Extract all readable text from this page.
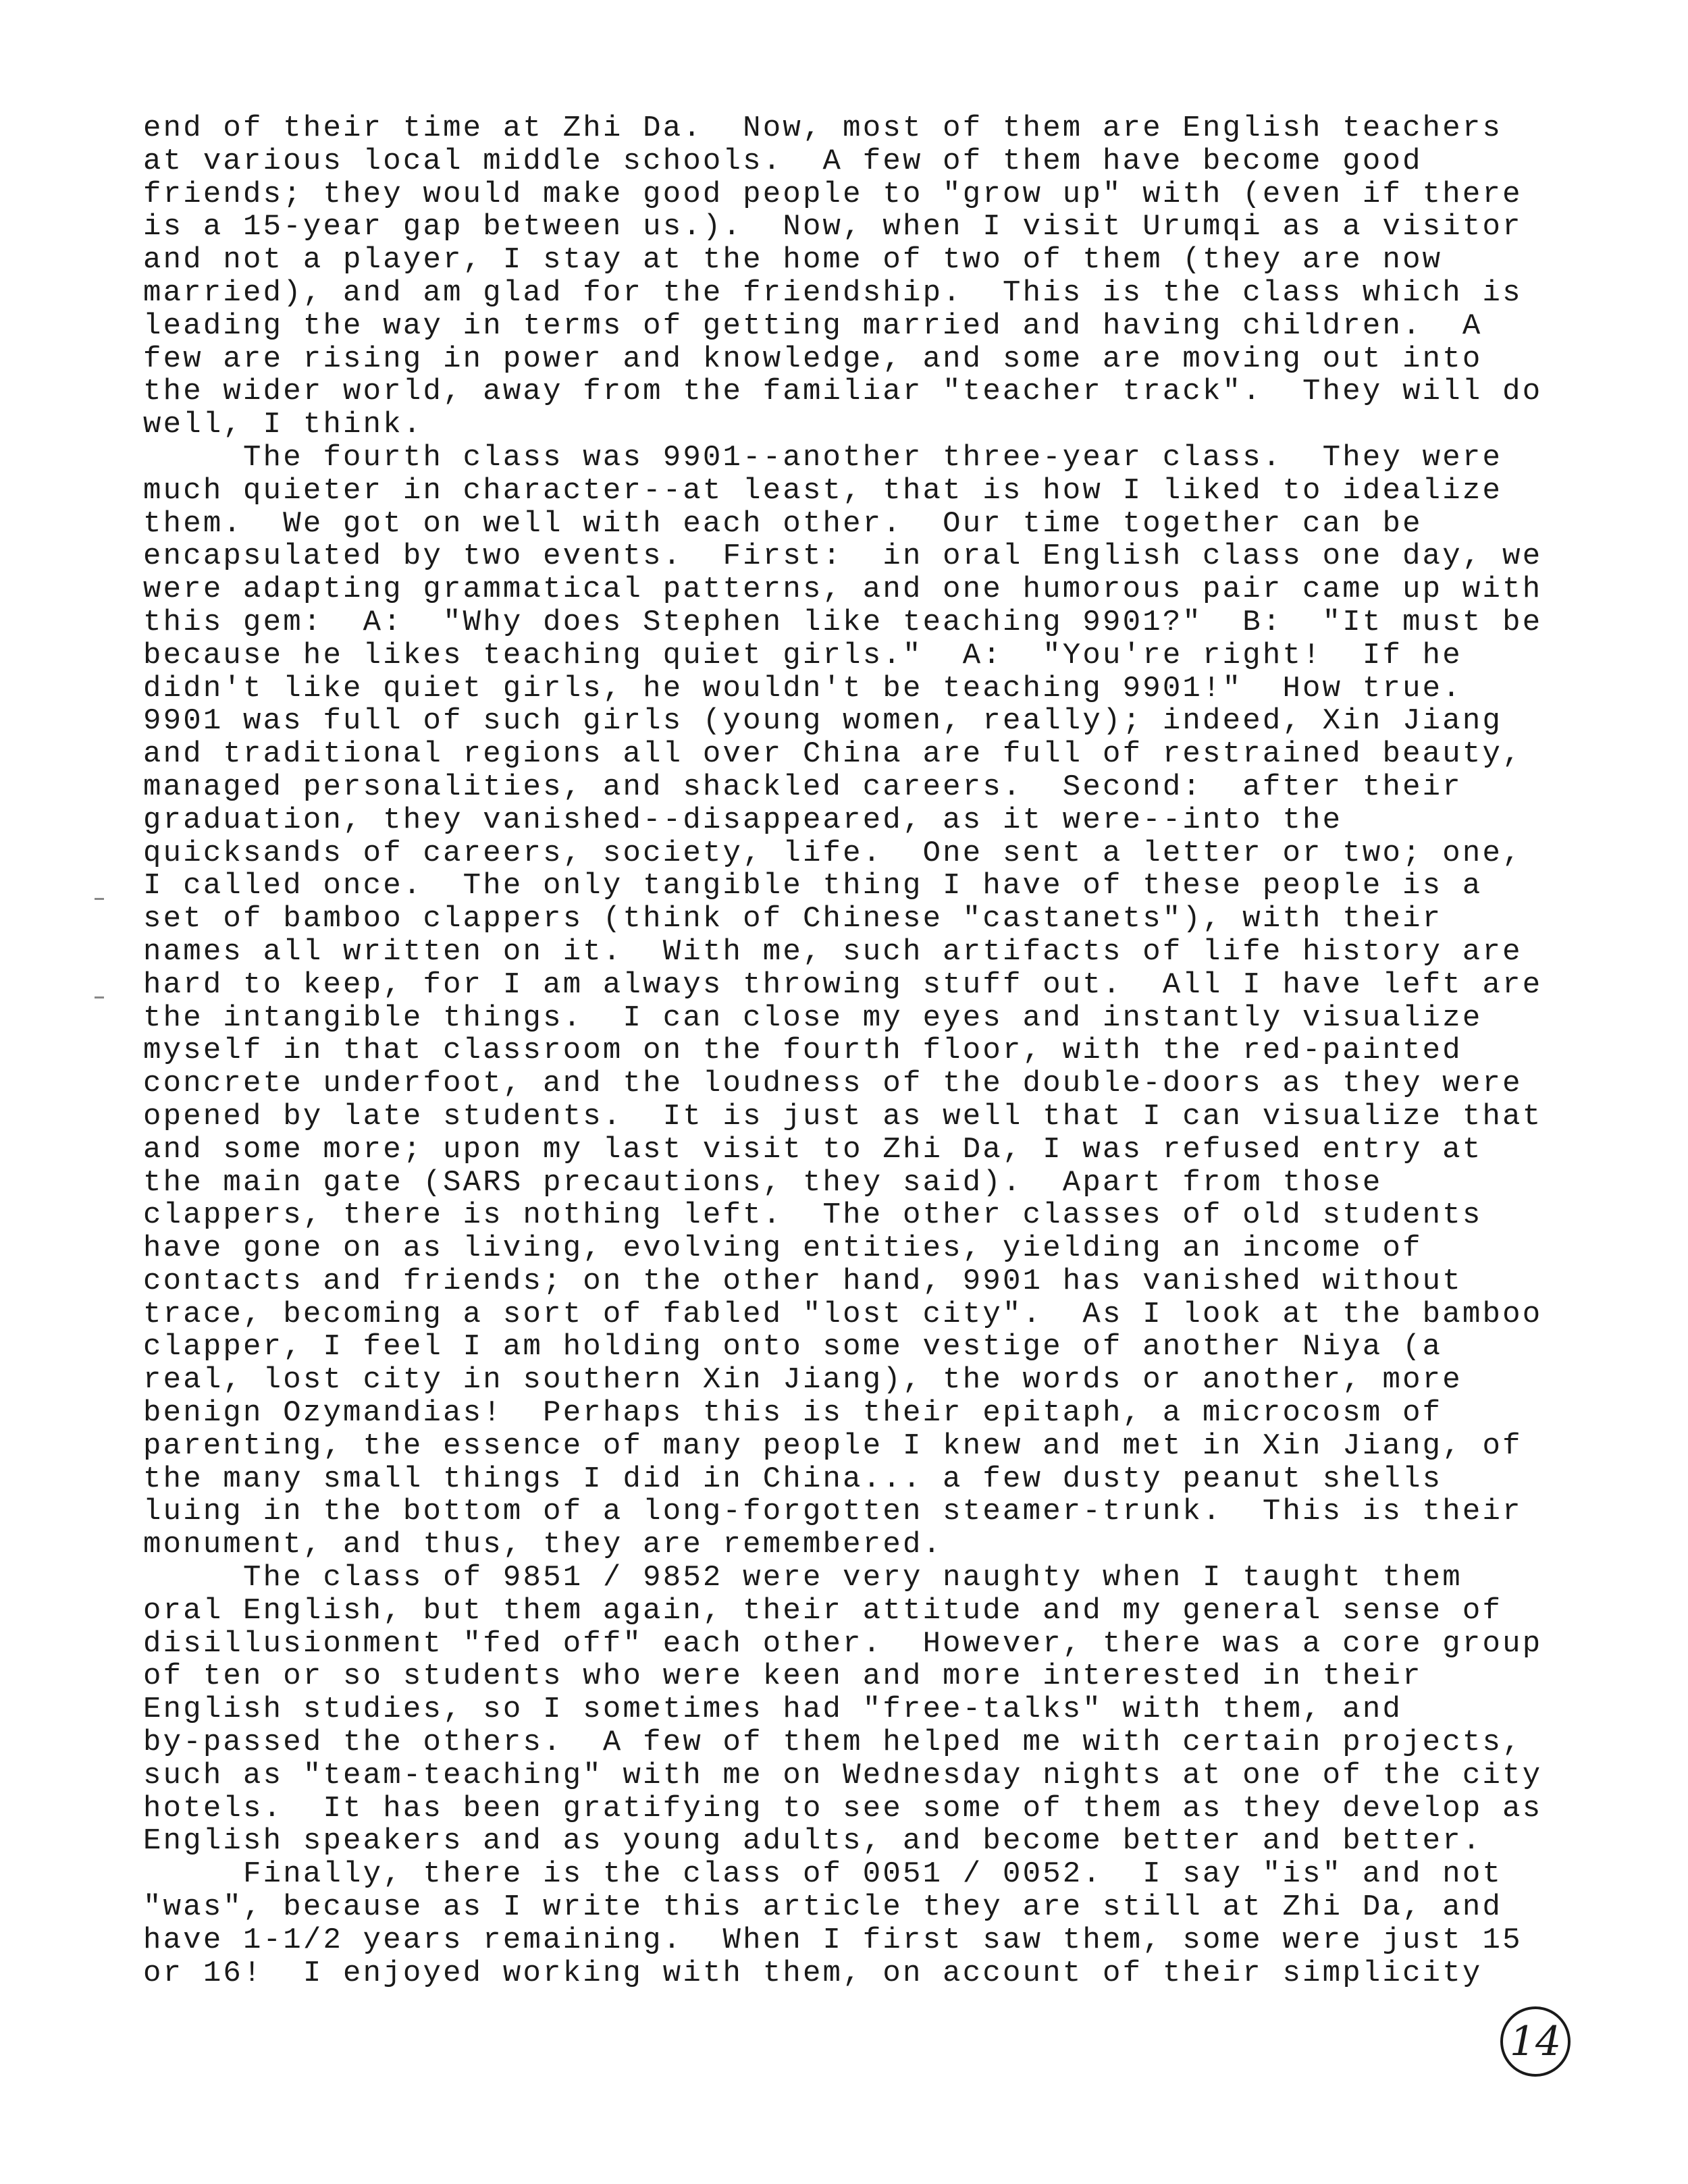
end of their time at Zhi Da.  Now, most of them are English teachers
at various local middle schools.  A few of them have become good
friends; they would make good people to "grow up" with (even if there
is a 15-year gap between us.).  Now, when I visit Urumqi as a visitor
and not a player, I stay at the home of two of them (they are now
married), and am glad for the friendship.  This is the class which is
leading the way in terms of getting married and having children.  A
few are rising in power and knowledge, and some are moving out into
the wider world, away from the familiar "teacher track".  They will do
well, I think.
The fourth class was 9901--another three-year class.  They were
much quieter in character--at least, that is how I liked to idealize
them.  We got on well with each other.  Our time together can be
encapsulated by two events.  First:  in oral English class one day, we
were adapting grammatical patterns, and one humorous pair came up with
this gem:  A:  "Why does Stephen like teaching 9901?"  B:  "It must be
because he likes teaching quiet girls."  A:  "You're right!  If he
didn't like quiet girls, he wouldn't be teaching 9901!"  How true.
9901 was full of such girls (young women, really); indeed, Xin Jiang
and traditional regions all over China are full of restrained beauty,
managed personalities, and shackled careers.  Second:  after their
graduation, they vanished--disappeared, as it were--into the
quicksands of careers, society, life.  One sent a letter or two; one,
I called once.  The only tangible thing I have of these people is a
set of bamboo clappers (think of Chinese "castanets"), with their
names all written on it.  With me, such artifacts of life history are
hard to keep, for I am always throwing stuff out.  All I have left are
the intangible things.  I can close my eyes and instantly visualize
myself in that classroom on the fourth floor, with the red-painted
concrete underfoot, and the loudness of the double-doors as they were
opened by late students.  It is just as well that I can visualize that
and some more; upon my last visit to Zhi Da, I was refused entry at
the main gate (SARS precautions, they said).  Apart from those
clappers, there is nothing left.  The other classes of old students
have gone on as living, evolving entities, yielding an income of
contacts and friends; on the other hand, 9901 has vanished without
trace, becoming a sort of fabled "lost city".  As I look at the bamboo
clapper, I feel I am holding onto some vestige of another Niya (a
real, lost city in southern Xin Jiang), the words or another, more
benign Ozymandias!  Perhaps this is their epitaph, a microcosm of
parenting, the essence of many people I knew and met in Xin Jiang, of
the many small things I did in China... a few dusty peanut shells
luing in the bottom of a long-forgotten steamer-trunk.  This is their
monument, and thus, they are remembered.
The class of 9851 / 9852 were very naughty when I taught them
oral English, but them again, their attitude and my general sense of
disillusionment "fed off" each other.  However, there was a core group
of ten or so students who were keen and more interested in their
English studies, so I sometimes had "free-talks" with them, and
by-passed the others.  A few of them helped me with certain projects,
such as "team-teaching" with me on Wednesday nights at one of the city
hotels.  It has been gratifying to see some of them as they develop as
English speakers and as young adults, and become better and better.
Finally, there is the class of 0051 / 0052.  I say "is" and not
"was", because as I write this article they are still at Zhi Da, and
have 1-1/2 years remaining.  When I first saw them, some were just 15
or 16!  I enjoyed working with them, on account of their simplicity
14
